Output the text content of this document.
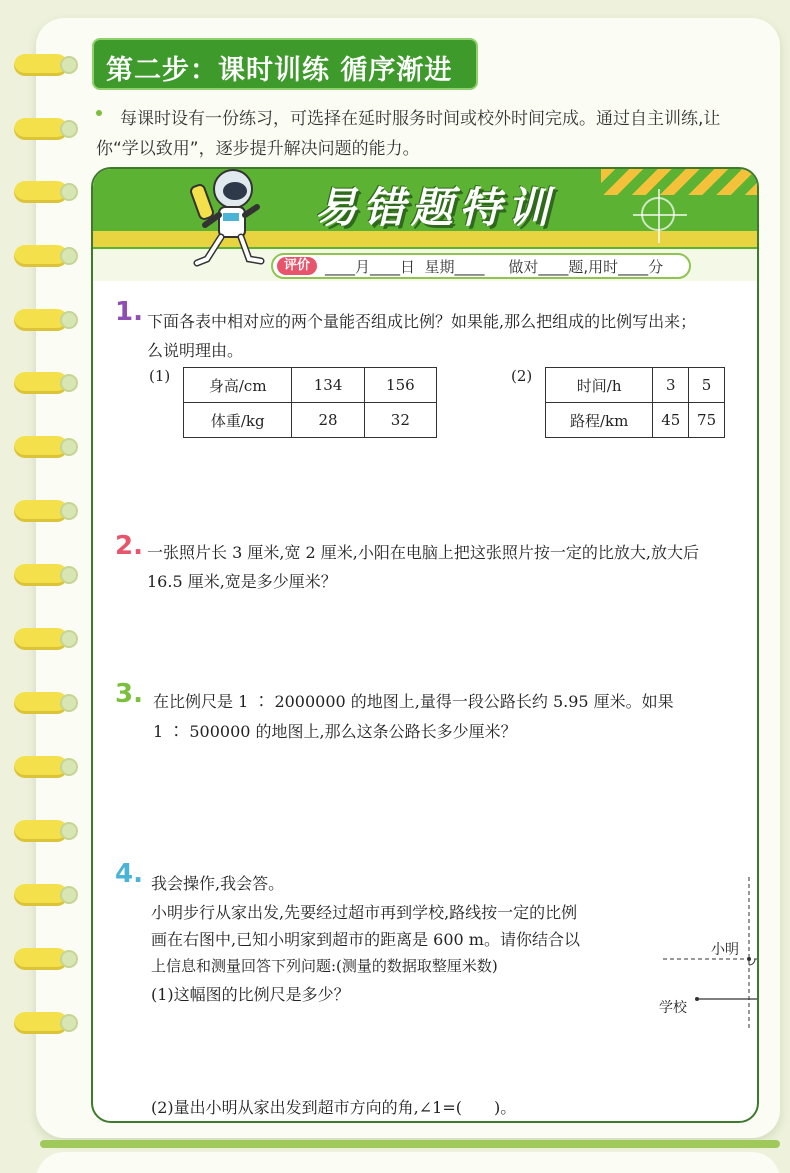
第二步：课时训练 循序渐进
每课时设有一份练习，可选择在延时服务时间或校外时间完成。通过自主训练,让你“学以致用”，逐步提升解决问题的能力。
易错题特训
评价	____月____日  星期____     做对____题,用时____分
1. 下面各表中相对应的两个量能否组成比例？如果能,那么把组成的比例写出来；
么说明理由。
(1)
身高/cm	134	156
体重/kg	28	32
(2)
时间/h	3	5
路程/km	45	75
2. 一张照片长 3 厘米,宽 2 厘米,小阳在电脑上把这张照片按一定的比放大,放大后
16.5 厘米,宽是多少厘米？
3. 在比例尺是 1 ∶ 2000000 的地图上,量得一段公路长约 5.95 厘米。如果
1 ∶ 500000 的地图上,那么这条公路长多少厘米？
4. 我会操作,我会答。
小明步行从家出发,先要经过超市再到学校,路线按一定的比例
画在右图中,已知小明家到超市的距离是 600 m。请你结合以
上信息和测量回答下列问题:(测量的数据取整厘米数)
(1)这幅图的比例尺是多少？
(2)量出小明从家出发到超市方向的角,∠1=(　　)。
小明
学校
